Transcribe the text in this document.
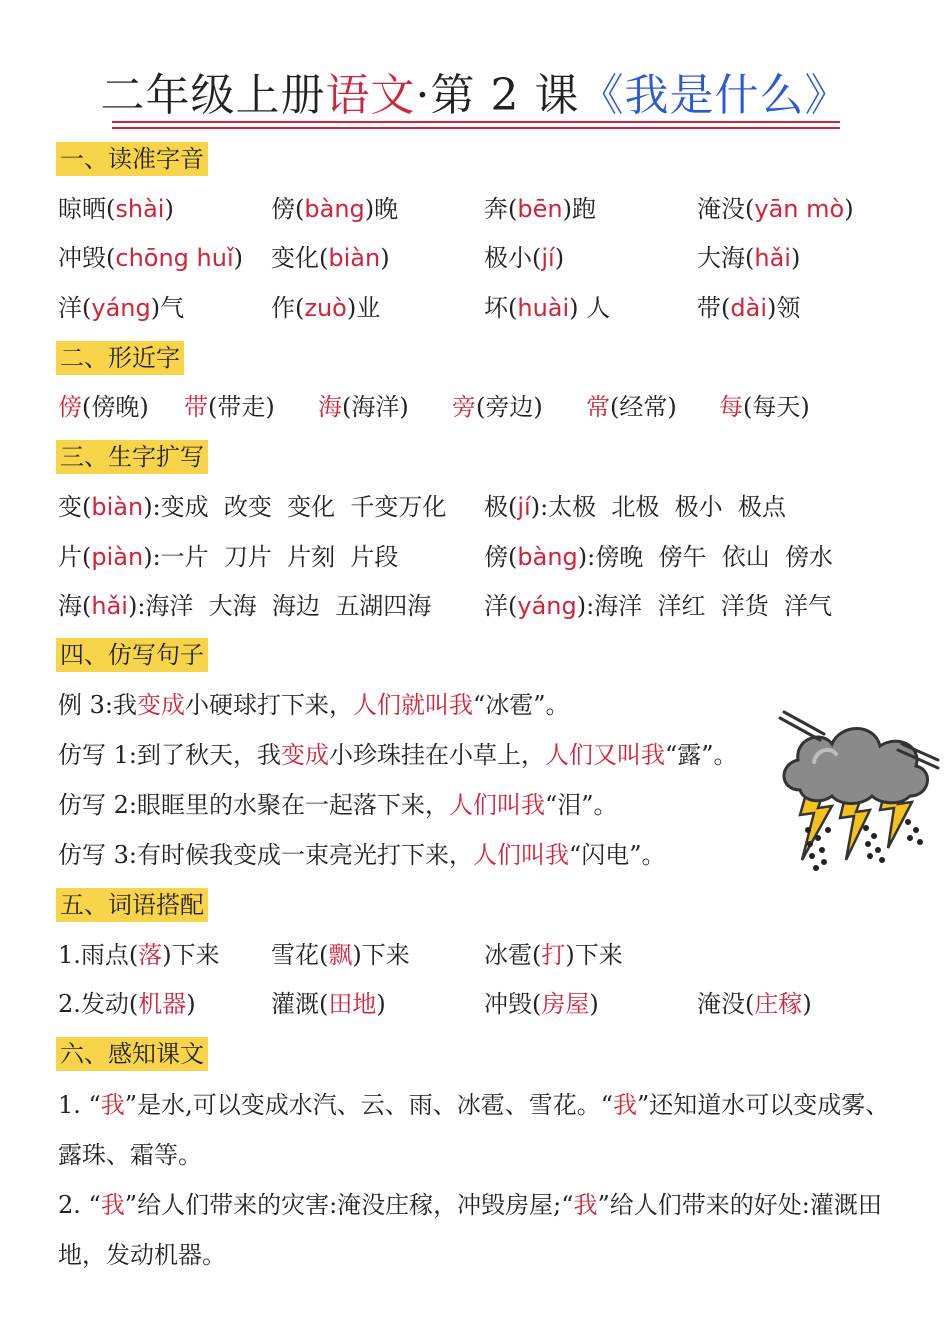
二年级上册语文·第 2 课《我是什么》
一、读准字音
晾晒(shài)	傍(bàng)晚	奔(bēn)跑	淹没(yān mò)
冲毁(chōng huǐ) 变化(biàn)	极小(jí)	大海(hǎi)
洋(yáng)气	作(zuò)业	坏(huài) 人	带(dài)领
二、形近字
傍(傍晚) 带(带走) 海(海洋) 旁(旁边) 常(经常) 每(每天)
三、生字扩写
变(biàn):变成  改变  变化  千变万化 极(jí):太极  北极  极小  极点
片(piàn):一片  刀片  片刻  片段	傍(bàng):傍晚  傍午  依山  傍水
海(hǎi):海洋  大海  海边  五湖四海 洋(yáng):海洋  洋红  洋货  洋气
四、仿写句子
例 3:我变成小硬球打下来，人们就叫我“冰雹”。
仿写 1:到了秋天，我变成小珍珠挂在小草上，人们又叫我“露”。
仿写 2:眼眶里的水聚在一起落下来，人们叫我“泪”。
仿写 3:有时候我变成一束亮光打下来，人们叫我“闪电”。
五、词语搭配
1.雨点(落)下来 雪花(飘)下来	冰雹(打)下来
2.发动(机器)	灌溉(田地)	冲毁(房屋)	淹没(庄稼)
六、感知课文
1. “我”是水,可以变成水汽、云、雨、冰雹、雪花。“我”还知道水可以变成雾、露珠、霜等。
2. “我”给人们带来的灾害:淹没庄稼，冲毁房屋;“我”给人们带来的好处:灌溉田地，发动机器。
